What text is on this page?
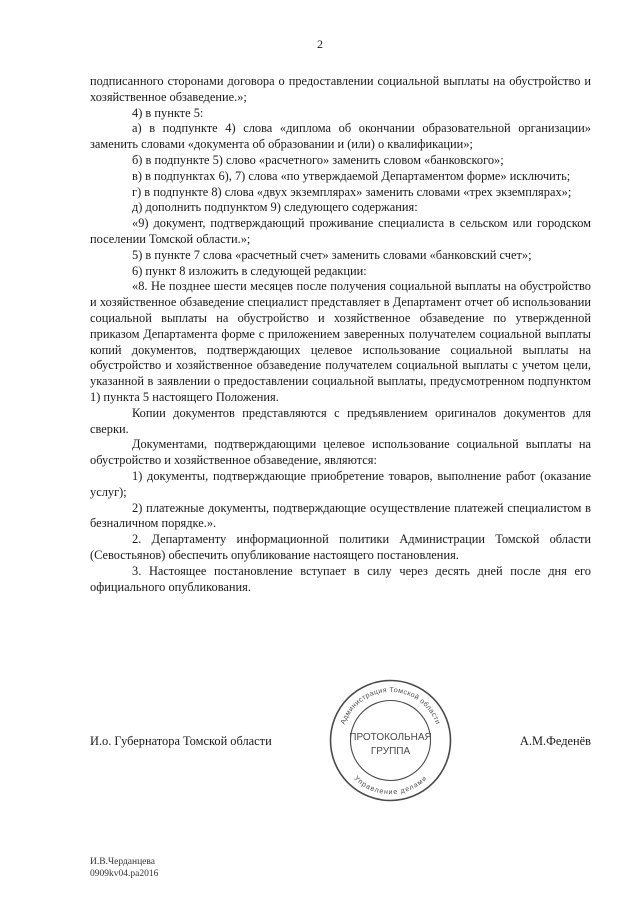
2

подписанного сторонами договора о предоставлении социальной выплаты на обустройство и хозяйственное обзаведение.»;

4) в пункте 5:

а) в подпункте 4) слова «диплома об окончании образовательной организации» заменить словами «документа об образовании и (или) о квалификации»;

б) в подпункте 5) слово «расчетного» заменить словом «банковского»;

в) в подпунктах 6), 7) слова «по утверждаемой Департаментом форме» исключить;

г) в подпункте 8) слова «двух экземплярах» заменить словами «трех экземплярах»;

д) дополнить подпунктом 9) следующего содержания:

«9) документ, подтверждающий проживание специалиста в сельском или городском поселении Томской области.»;

5) в пункте 7 слова «расчетный счет» заменить словами «банковский счет»;

6) пункт 8 изложить в следующей редакции:

«8. Не позднее шести месяцев после получения социальной выплаты на обустройство и хозяйственное обзаведение специалист представляет в Департамент отчет об использовании социальной выплаты на обустройство и хозяйственное обзаведение по утвержденной приказом Департамента форме с приложением заверенных получателем социальной выплаты копий документов, подтверждающих целевое использование социальной выплаты на обустройство и хозяйственное обзаведение получателем социальной выплаты с учетом цели, указанной в заявлении о предоставлении социальной выплаты, предусмотренном подпунктом 1) пункта 5 настоящего Положения.

Копии документов представляются с предъявлением оригиналов документов для сверки.

Документами, подтверждающими целевое использование социальной выплаты на обустройство и хозяйственное обзаведение, являются:

1) документы, подтверждающие приобретение товаров, выполнение работ (оказание услуг);

2) платежные документы, подтверждающие осуществление платежей специалистом в безналичном порядке.».

2. Департаменту информационной политики Администрации Томской области (Севостьянов) обеспечить опубликование настоящего постановления.

3. Настоящее постановление вступает в силу через десять дней после дня его официального опубликования.

Администрация Томской области
Управление делами
ПРОТОКОЛЬНАЯ
ГРУППА
И.о. Губернатора Томской области	А.М.Феденёв
И.В.Черданцева
0909kv04.pa2016
